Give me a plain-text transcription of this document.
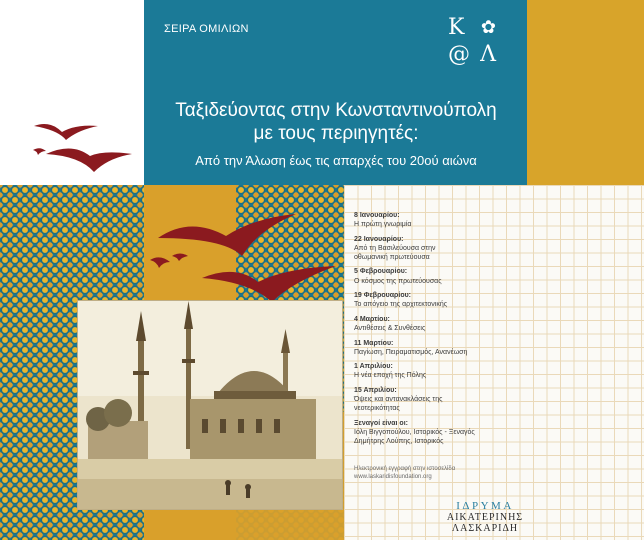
ΣΕΙΡΑ ΟΜΙΛΙΩΝ	Κ ✿
@ Λ
Ταξιδεύοντας στην Κωνσταντινούπολη
με τους περιηγητές:
Από την Άλωση έως τις απαρχές του 20ού αιώνα
8 Ιανουαρίου:
Η πρώτη γνωριμία
22 Ιανουαρίου:
Από τη Βασιλεύουσα στην
οθωμανική πρωτεύουσα
5 Φεβρουαρίου:
Ο κόσμος της πρωτεύουσας
19 Φεβρουαρίου:
Το απόγειο της αρχιτεκτονικής
4 Μαρτίου:
Αντιθέσεις & Συνθέσεις
11 Μαρτίου:
Παγίωση, Πειραματισμός, Ανανέωση
1 Απριλίου:
Η νέα εποχή της Πόλης
15 Απριλίου:
Όψεις και αντανακλάσεις της
νεοτερικότητας
Ξεναγοί είναι οι:
Ιόλη Βιγγοπούλου, Ιστορικός - Ξεναγός
Δημήτρης Λούπης, Ιστορικός
Ηλεκτρονική εγγραφή στην ιστοσελίδα
www.laskaridisfoundation.org
ΙΔΡΥΜΑ
ΑΙΚΑΤΕΡΙΝΗΣ
ΛΑΣΚΑΡΙΔΗ
